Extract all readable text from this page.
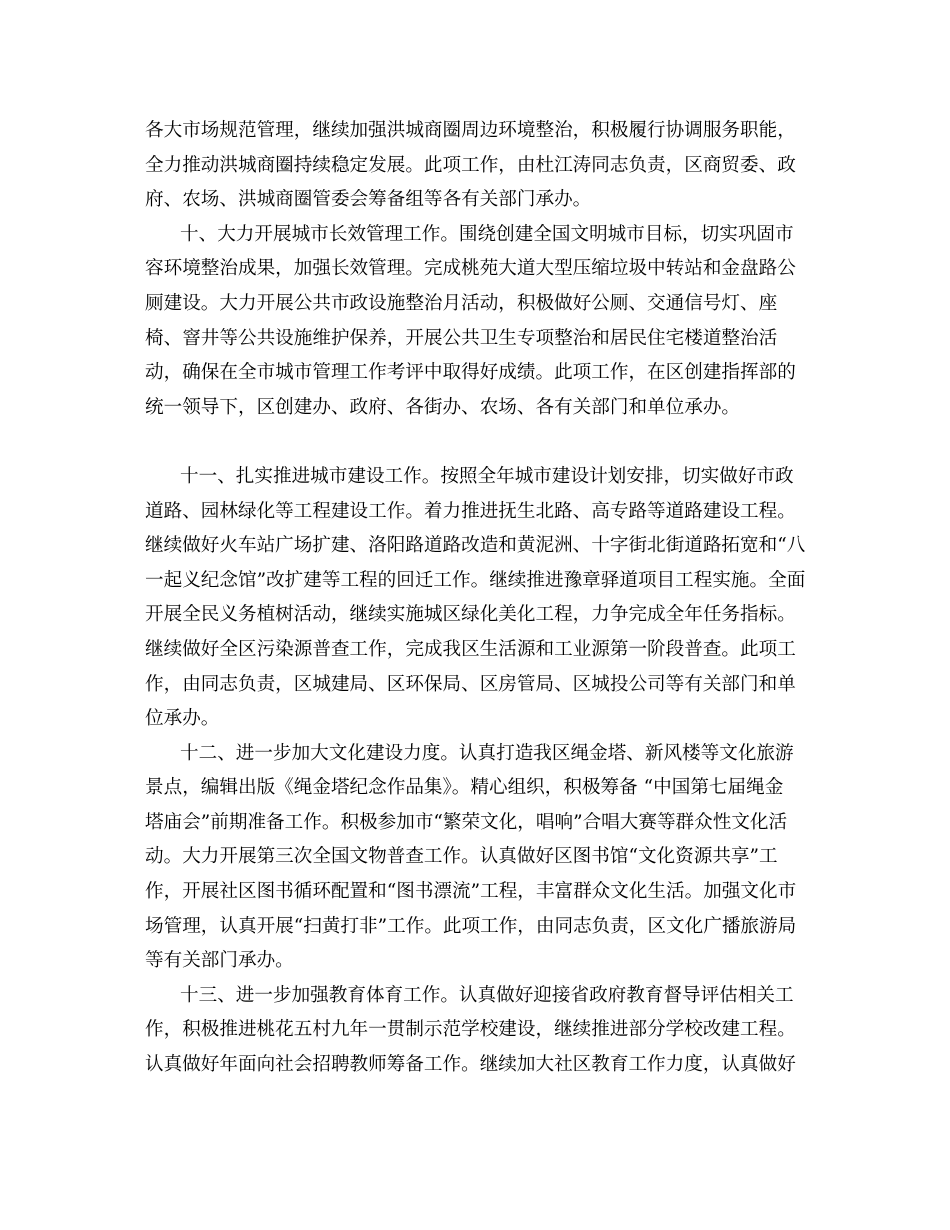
各大市场规范管理，继续加强洪城商圈周边环境整治，积极履行协调服务职能，
全力推动洪城商圈持续稳定发展。此项工作，由杜江涛同志负责，区商贸委、政
府、农场、洪城商圈管委会筹备组等各有关部门承办。
十、大力开展城市长效管理工作。围绕创建全国文明城市目标，切实巩固市
容环境整治成果，加强长效管理。完成桃苑大道大型压缩垃圾中转站和金盘路公
厕建设。大力开展公共市政设施整治月活动，积极做好公厕、交通信号灯、座
椅、窨井等公共设施维护保养，开展公共卫生专项整治和居民住宅楼道整治活
动，确保在全市城市管理工作考评中取得好成绩。此项工作，在区创建指挥部的
统一领导下，区创建办、政府、各街办、农场、各有关部门和单位承办。
十一、扎实推进城市建设工作。按照全年城市建设计划安排，切实做好市政
道路、园林绿化等工程建设工作。着力推进抚生北路、高专路等道路建设工程。
继续做好火车站广场扩建、洛阳路道路改造和黄泥洲、十字街北街道路拓宽和“八
一起义纪念馆”改扩建等工程的回迁工作。继续推进豫章驿道项目工程实施。全面
开展全民义务植树活动，继续实施城区绿化美化工程，力争完成全年任务指标。
继续做好全区污染源普查工作，完成我区生活源和工业源第一阶段普查。此项工
作，由同志负责，区城建局、区环保局、区房管局、区城投公司等有关部门和单
位承办。
十二、进一步加大文化建设力度。认真打造我区绳金塔、新风楼等文化旅游
景点，编辑出版《绳金塔纪念作品集》。精心组织，积极筹备 “中国第七届绳金
塔庙会”前期准备工作。积极参加市“繁荣文化，唱响”合唱大赛等群众性文化活
动。大力开展第三次全国文物普查工作。认真做好区图书馆“文化资源共享”工
作，开展社区图书循环配置和“图书漂流”工程，丰富群众文化生活。加强文化市
场管理，认真开展“扫黄打非”工作。此项工作，由同志负责，区文化广播旅游局
等有关部门承办。
十三、进一步加强教育体育工作。认真做好迎接省政府教育督导评估相关工
作，积极推进桃花五村九年一贯制示范学校建设，继续推进部分学校改建工程。
认真做好年面向社会招聘教师筹备工作。继续加大社区教育工作力度，认真做好
